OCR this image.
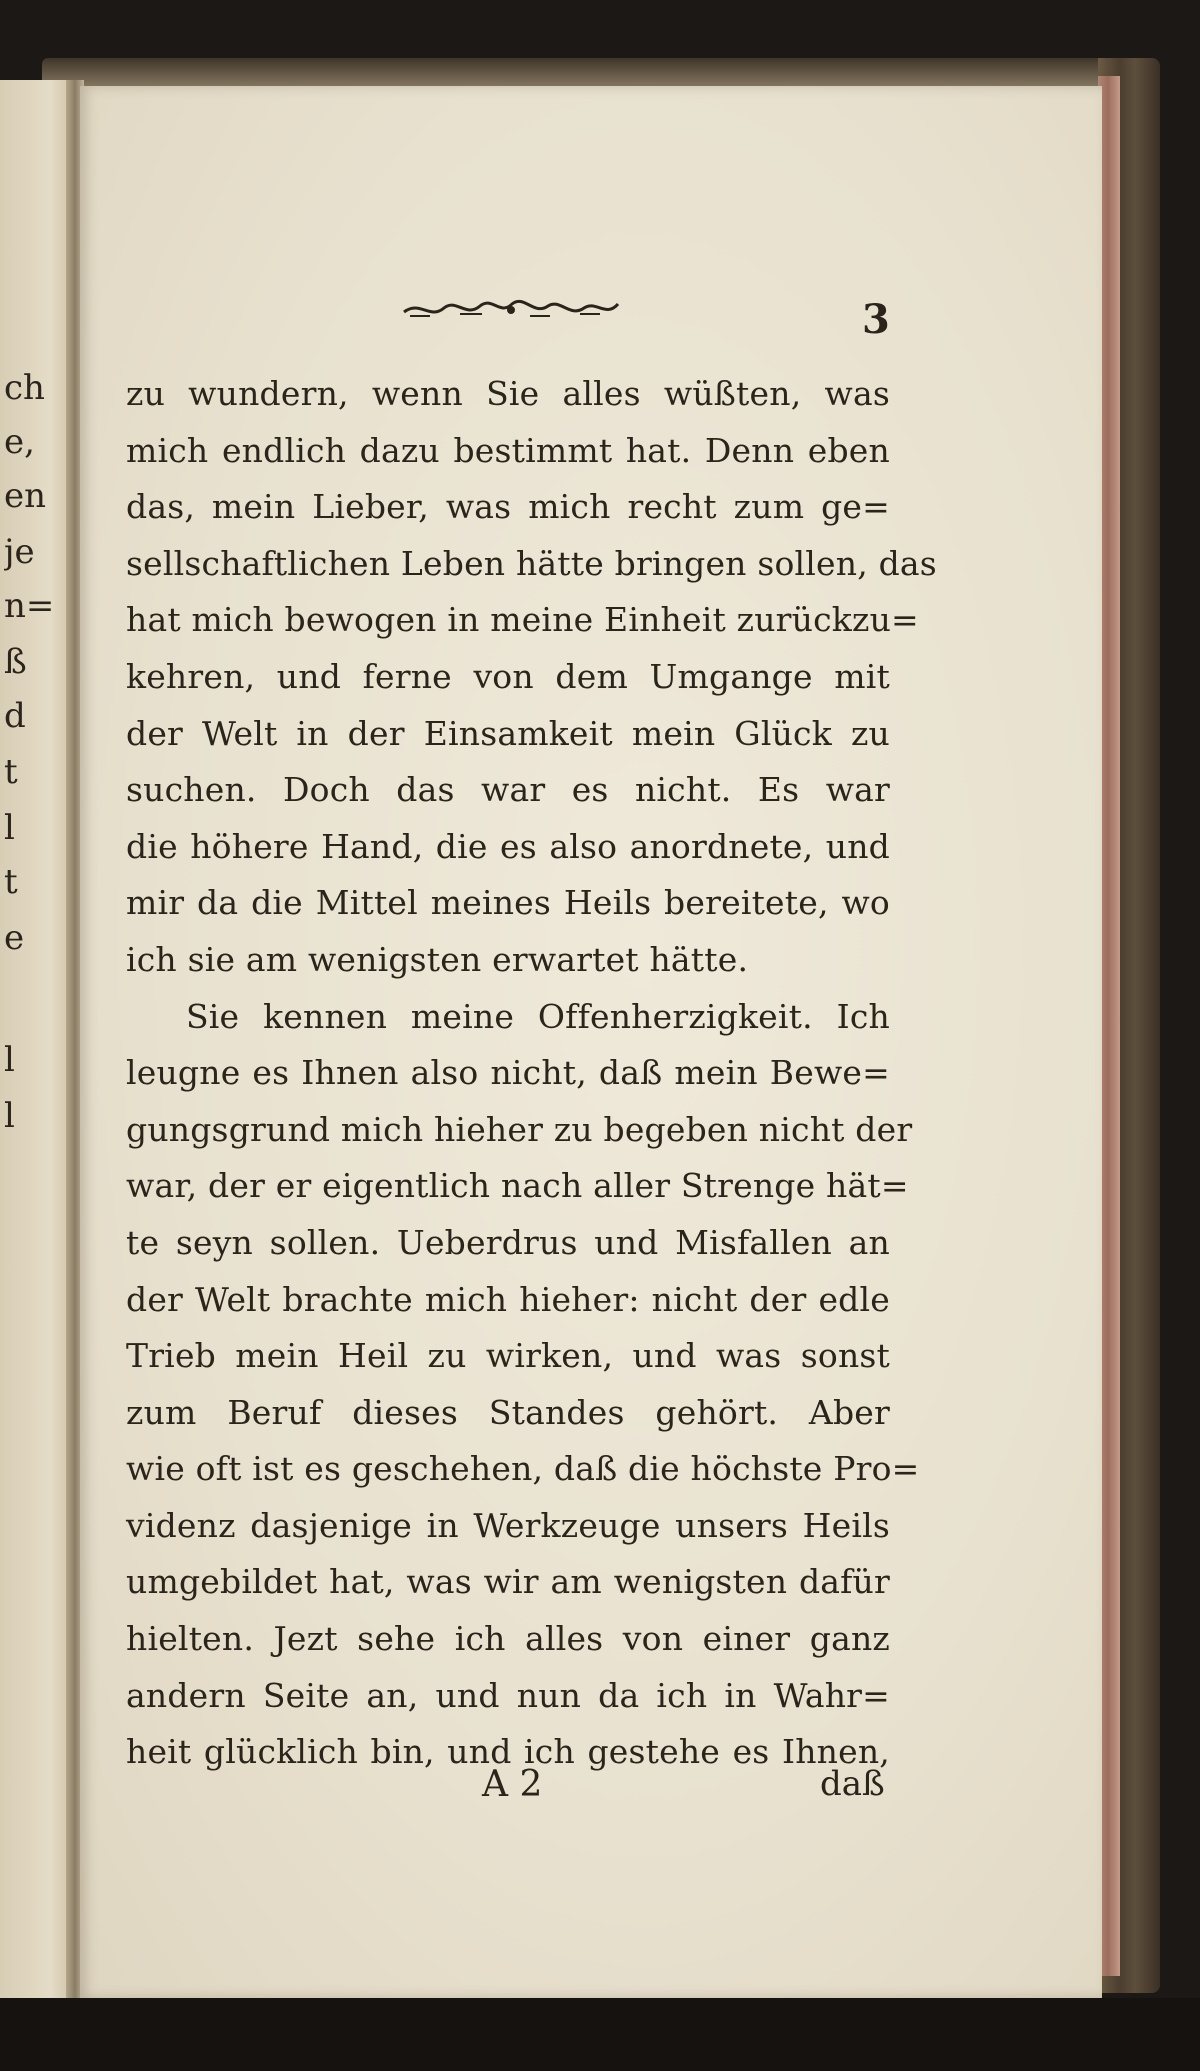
ch
e,
en
je
n=
ß
d
t
l
t
e
l
l
3
zu wundern, wenn Sie alles wüßten, was
mich endlich dazu bestimmt hat. Denn eben
das, mein Lieber, was mich recht zum ge=
sellschaftlichen Leben hätte bringen sollen, das
hat mich bewogen in meine Einheit zurückzu=
kehren, und ferne von dem Umgange mit
der Welt in der Einsamkeit mein Glück zu
suchen. Doch das war es nicht. Es war
die höhere Hand, die es also anordnete, und
mir da die Mittel meines Heils bereitete, wo
ich sie am wenigsten erwartet hätte.
Sie kennen meine Offenherzigkeit. Ich
leugne es Ihnen also nicht, daß mein Bewe=
gungsgrund mich hieher zu begeben nicht der
war, der er eigentlich nach aller Strenge hät=
te seyn sollen. Ueberdrus und Misfallen an
der Welt brachte mich hieher: nicht der edle
Trieb mein Heil zu wirken, und was sonst
zum Beruf dieses Standes gehört. Aber
wie oft ist es geschehen, daß die höchste Pro=
videnz dasjenige in Werkzeuge unsers Heils
umgebildet hat, was wir am wenigsten dafür
hielten. Jezt sehe ich alles von einer ganz
andern Seite an, und nun da ich in Wahr=
heit glücklich bin, und ich gestehe es Ihnen,
A 2	daß
